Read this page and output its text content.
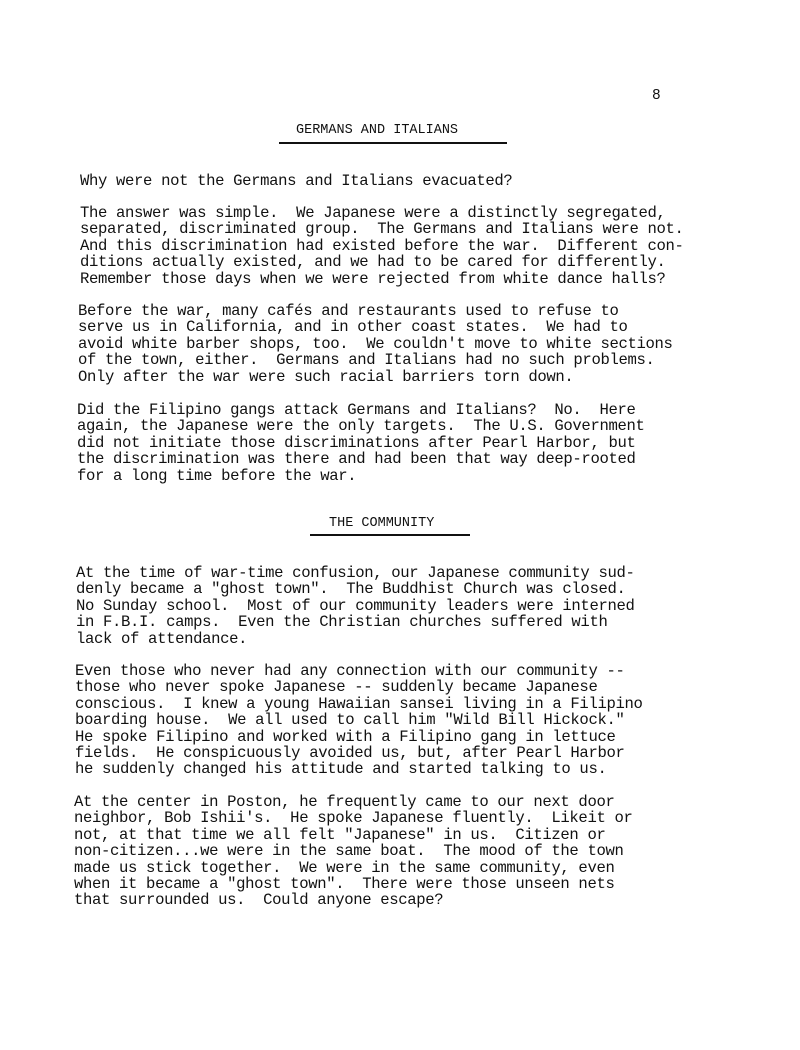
8
GERMANS AND ITALIANS

Why were not the Germans and Italians evacuated?

The answer was simple.  We Japanese were a distinctly segregated,
separated, discriminated group.  The Germans and Italians were not.
And this discrimination had existed before the war.  Different con-
ditions actually existed, and we had to be cared for differently.
Remember those days when we were rejected from white dance halls?

Before the war, many cafés and restaurants used to refuse to
serve us in California, and in other coast states.  We had to
avoid white barber shops, too.  We couldn't move to white sections
of the town, either.  Germans and Italians had no such problems.
Only after the war were such racial barriers torn down.

Did the Filipino gangs attack Germans and Italians?  No.  Here
again, the Japanese were the only targets.  The U.S. Government
did not initiate those discriminations after Pearl Harbor, but
the discrimination was there and had been that way deep-rooted
for a long time before the war.

THE COMMUNITY

At the time of war-time confusion, our Japanese community sud-
denly became a "ghost town".  The Buddhist Church was closed.
No Sunday school.  Most of our community leaders were interned
in F.B.I. camps.  Even the Christian churches suffered with
lack of attendance.

Even those who never had any connection with our community --
those who never spoke Japanese -- suddenly became Japanese
conscious.  I knew a young Hawaiian sansei living in a Filipino
boarding house.  We all used to call him "Wild Bill Hickock."
He spoke Filipino and worked with a Filipino gang in lettuce
fields.  He conspicuously avoided us, but, after Pearl Harbor
he suddenly changed his attitude and started talking to us.

At the center in Poston, he frequently came to our next door
neighbor, Bob Ishii's.  He spoke Japanese fluently.  Likeit or
not, at that time we all felt "Japanese" in us.  Citizen or
non-citizen...we were in the same boat.  The mood of the town
made us stick together.  We were in the same community, even
when it became a "ghost town".  There were those unseen nets
that surrounded us.  Could anyone escape?
